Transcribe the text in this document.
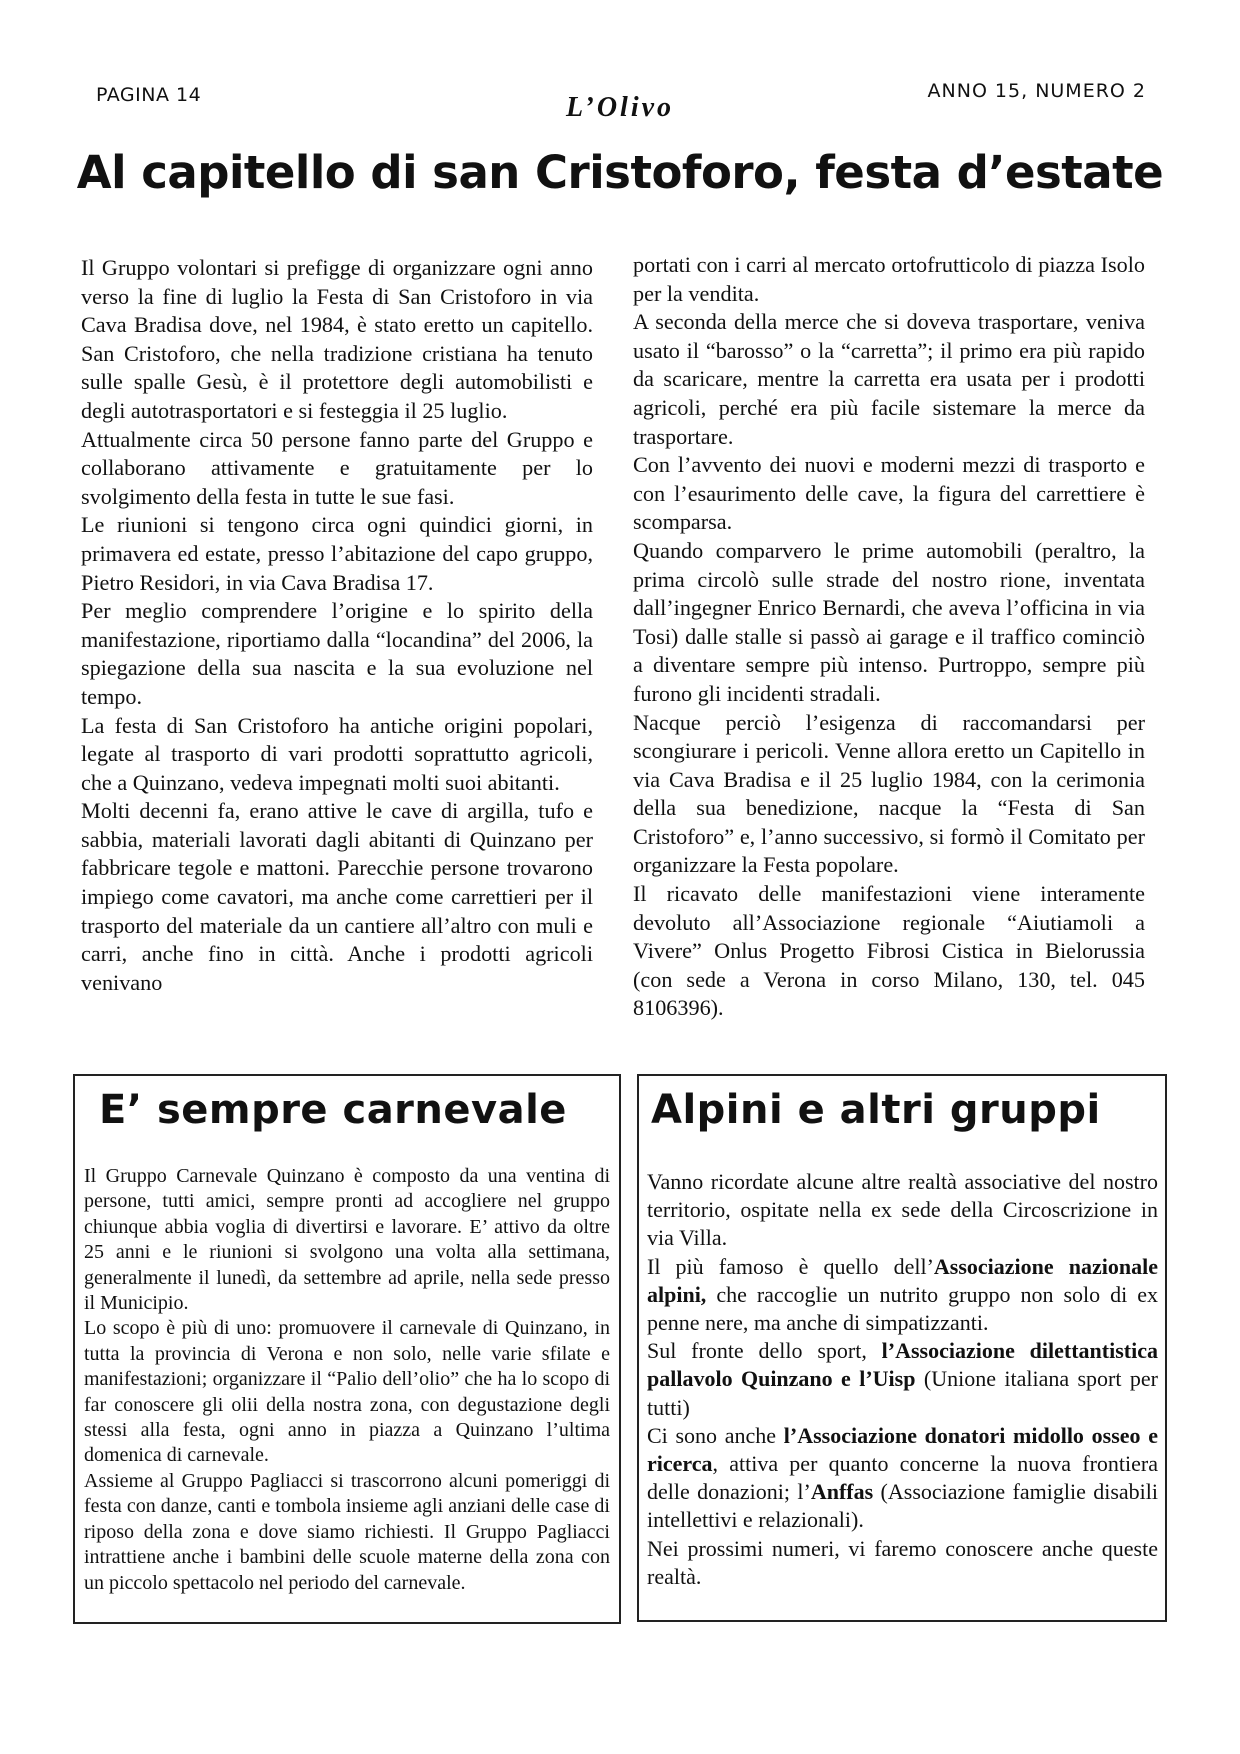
PAGINA 14	L’Olivo
ANNO 15, NUMERO 2
Al capitello di san Cristoforo, festa d’estate

Il Gruppo volontari si prefigge di organizzare ogni anno verso la fine di luglio la Festa di San Cristoforo in via Cava Bradisa dove, nel 1984, è stato eretto un capitello. San Cristoforo, che nella tradizione cristiana ha tenuto sulle spalle Gesù, è il protettore degli automobilisti e degli autotrasportatori e si festeggia il 25 luglio.

Attualmente circa 50 persone fanno parte del Gruppo e collaborano attivamente e gratuitamente per lo svolgimento della festa in tutte le sue fasi.

Le riunioni si tengono circa ogni quindici giorni, in primavera ed estate, presso l’abitazione del capo gruppo, Pietro Residori, in via Cava Bradisa 17.

Per meglio comprendere l’origine e lo spirito della manifestazione, riportiamo dalla “locandina” del 2006, la spiegazione della sua nascita e la sua evoluzione nel tempo.

La festa di San Cristoforo ha antiche origini popolari, legate al trasporto di vari prodotti soprattutto agricoli, che a Quinzano, vedeva impegnati molti suoi abitanti.

Molti decenni fa, erano attive le cave di argilla, tufo e sabbia, materiali lavorati dagli abitanti di Quinzano per fabbricare tegole e mattoni. Parecchie persone trovarono impiego come cavatori, ma anche come carrettieri per il trasporto del materiale da un cantiere all’altro con muli e carri, anche fino in città. Anche i prodotti agricoli venivano

portati con i carri al mercato ortofrutticolo di piazza Isolo per la vendita.

A seconda della merce che si doveva trasportare, veniva usato il “barosso” o la “carretta”; il primo era più rapido da scaricare, mentre la carretta era usata per i prodotti agricoli, perché era più facile sistemare la merce da trasportare.

Con l’avvento dei nuovi e moderni mezzi di trasporto e con l’esaurimento delle cave, la figura del carrettiere è scomparsa.

Quando comparvero le prime automobili (peraltro, la prima circolò sulle strade del nostro rione, inventata dall’ingegner Enrico Bernardi, che aveva l’officina in via Tosi) dalle stalle si passò ai garage e il traffico cominciò a diventare sempre più intenso. Purtroppo, sempre più furono gli incidenti stradali.

Nacque perciò l’esigenza di raccomandarsi per scongiurare i pericoli. Venne allora eretto un Capitello in via Cava Bradisa e il 25 luglio 1984, con la cerimonia della sua benedizione, nacque la “Festa di San Cristoforo” e, l’anno successivo, si formò il Comitato per organizzare la Festa popolare.

Il ricavato delle manifestazioni viene interamente devoluto all’Associazione regionale “Aiutiamoli a Vivere” Onlus Progetto Fibrosi Cistica in Bielorussia (con sede a Verona in corso Milano, 130, tel. 045 8106396).

E’ sempre carnevale

Il Gruppo Carnevale Quinzano è composto da una ventina di persone, tutti amici, sempre pronti ad accogliere nel gruppo chiunque abbia voglia di divertirsi e lavorare. E’ attivo da oltre 25 anni e le riunioni si svolgono una volta alla settimana, generalmente il lunedì, da settembre ad aprile, nella sede presso il Municipio.

Lo scopo è più di uno: promuovere il carnevale di Quinzano, in tutta la provincia di Verona e non solo, nelle varie sfilate e manifestazioni; organizzare il “Palio dell’olio” che ha lo scopo di far conoscere gli olii della nostra zona, con degustazione degli stessi alla festa, ogni anno in piazza a Quinzano l’ultima domenica di carnevale.

Assieme al Gruppo Pagliacci si trascorrono alcuni pomeriggi di festa con danze, canti e tombola insieme agli anziani delle case di riposo della zona e dove siamo richiesti. Il Gruppo Pagliacci intrattiene anche i bambini delle scuole materne della zona con un piccolo spettacolo nel periodo del carnevale.

Alpini e altri gruppi

Vanno ricordate alcune altre realtà associative del nostro territorio, ospitate nella ex sede della Circoscrizione in via Villa.

Il più famoso è quello dell’Associazione nazionale alpini, che raccoglie un nutrito gruppo non solo di ex penne nere, ma anche di simpatizzanti.

Sul fronte dello sport, l’Associazione dilettantistica pallavolo Quinzano e l’Uisp (Unione italiana sport per tutti)

Ci sono anche l’Associazione donatori midollo osseo e ricerca, attiva per quanto concerne la nuova frontiera delle donazioni; l’Anffas (Associazione famiglie disabili intellettivi e relazionali).

Nei prossimi numeri, vi faremo conoscere anche queste realtà.
